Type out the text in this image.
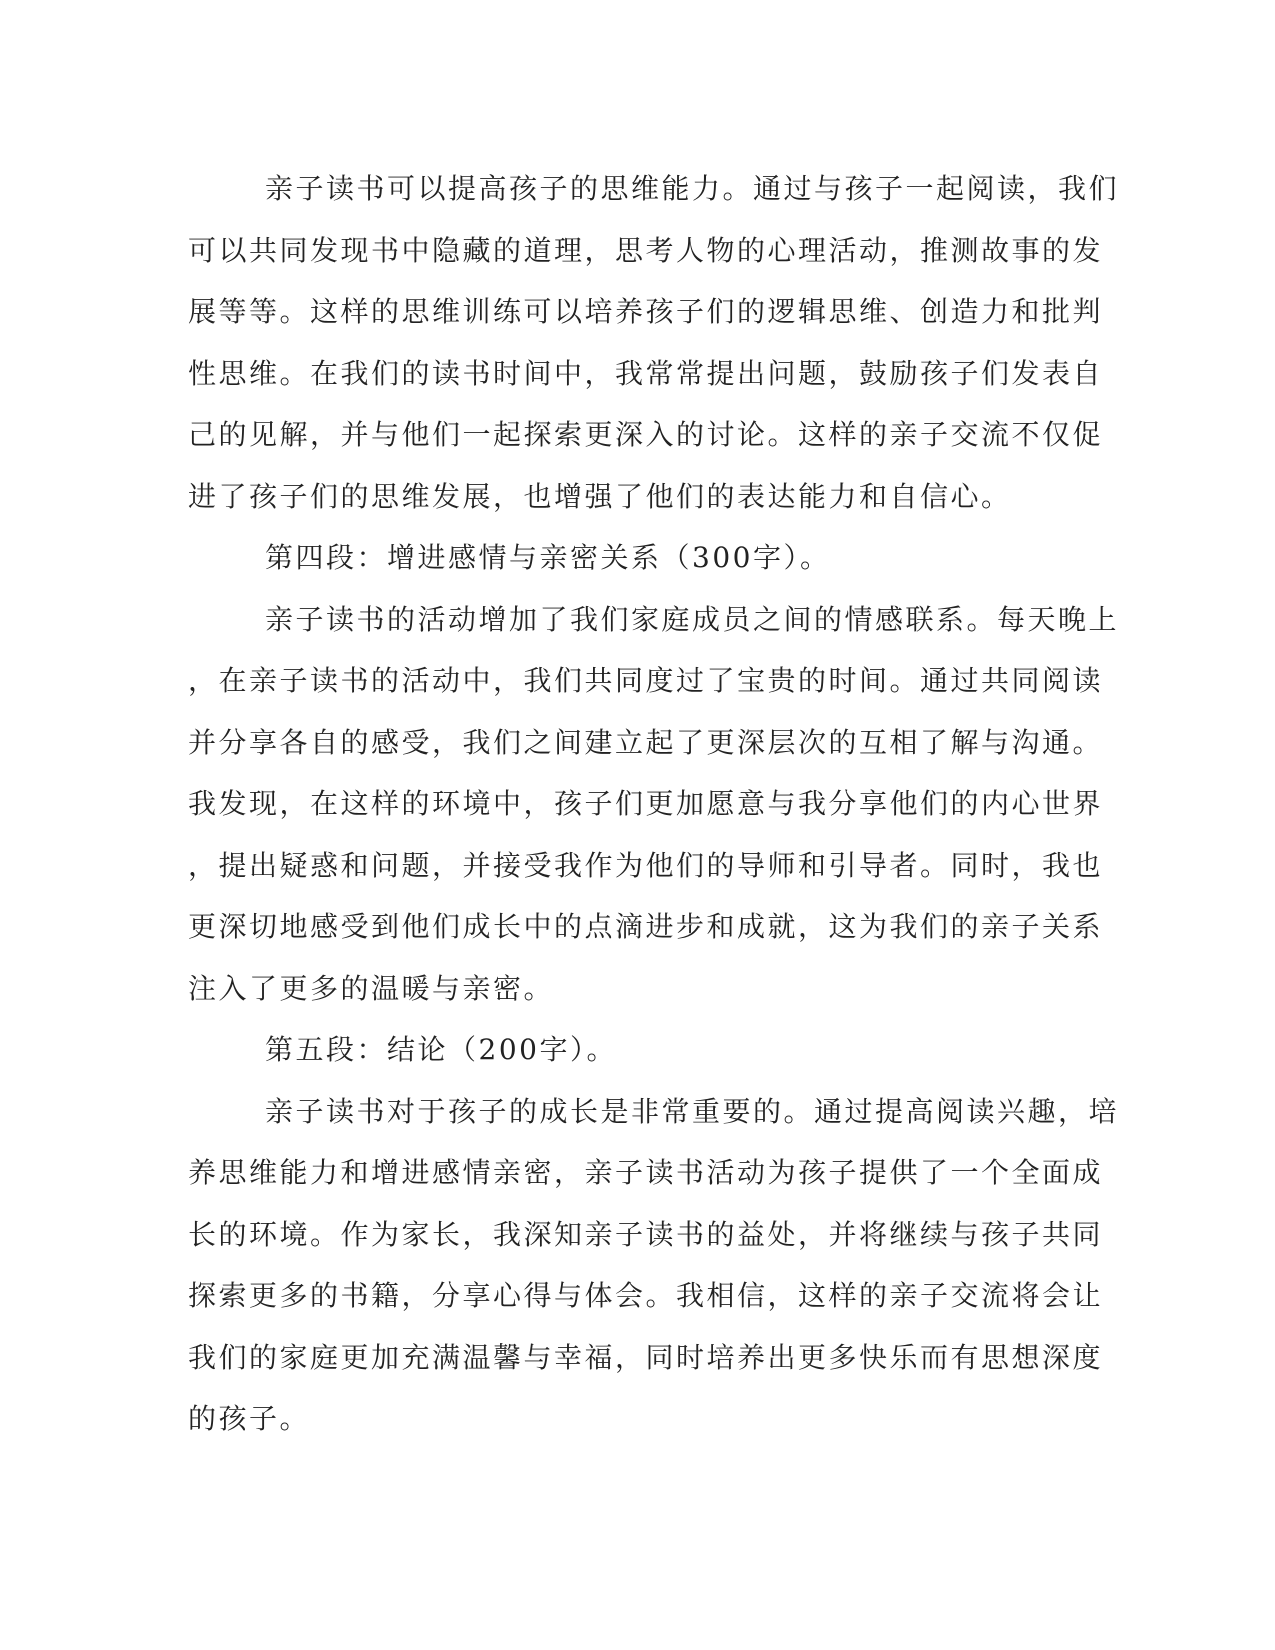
亲子读书可以提高孩子的思维能力。通过与孩子一起阅读，我们
可以共同发现书中隐藏的道理，思考人物的心理活动，推测故事的发
展等等。这样的思维训练可以培养孩子们的逻辑思维、创造力和批判
性思维。在我们的读书时间中，我常常提出问题，鼓励孩子们发表自
己的见解，并与他们一起探索更深入的讨论。这样的亲子交流不仅促
进了孩子们的思维发展，也增强了他们的表达能力和自信心。
第四段：增进感情与亲密关系（300字）。
亲子读书的活动增加了我们家庭成员之间的情感联系。每天晚上
，在亲子读书的活动中，我们共同度过了宝贵的时间。通过共同阅读
并分享各自的感受，我们之间建立起了更深层次的互相了解与沟通。
我发现，在这样的环境中，孩子们更加愿意与我分享他们的内心世界
，提出疑惑和问题，并接受我作为他们的导师和引导者。同时，我也
更深切地感受到他们成长中的点滴进步和成就，这为我们的亲子关系
注入了更多的温暖与亲密。
第五段：结论（200字）。
亲子读书对于孩子的成长是非常重要的。通过提高阅读兴趣，培
养思维能力和增进感情亲密，亲子读书活动为孩子提供了一个全面成
长的环境。作为家长，我深知亲子读书的益处，并将继续与孩子共同
探索更多的书籍，分享心得与体会。我相信，这样的亲子交流将会让
我们的家庭更加充满温馨与幸福，同时培养出更多快乐而有思想深度
的孩子。
